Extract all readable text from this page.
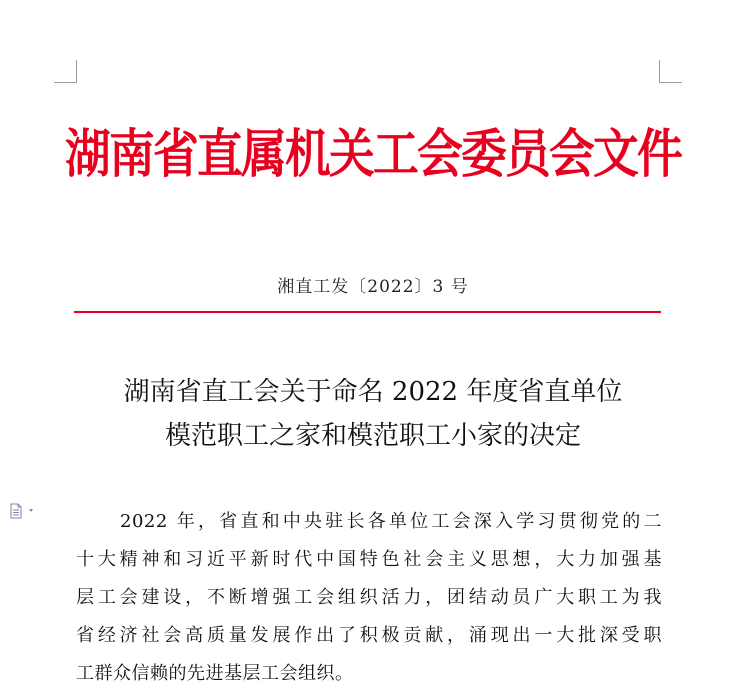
湖南省直属机关工会委员会文件
湘直工发〔2022〕3 号
湖南省直工会关于命名 2022 年度省直单位
模范职工之家和模范职工小家的决定
2022 年，省直和中央驻长各单位工会深入学习贯彻党的二
十大精神和习近平新时代中国特色社会主义思想，大力加强基
层工会建设，不断增强工会组织活力，团结动员广大职工为我
省经济社会高质量发展作出了积极贡献，涌现出一大批深受职
工群众信赖的先进基层工会组织。
